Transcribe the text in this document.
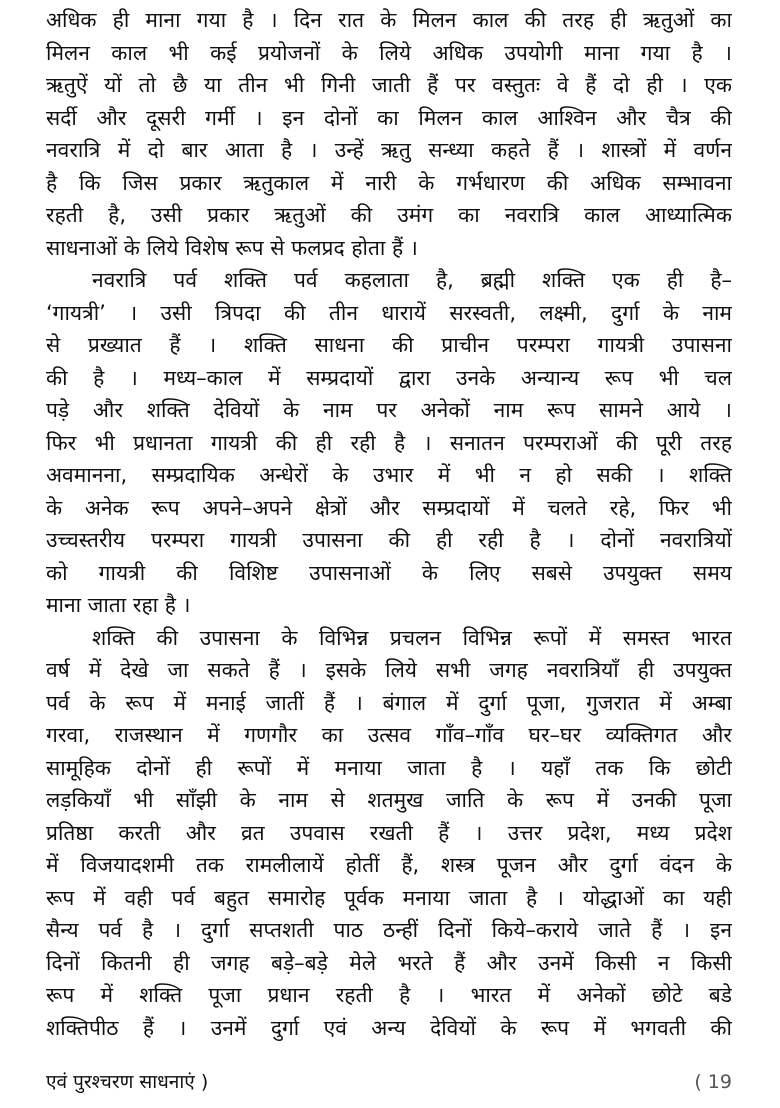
अधिक ही माना गया है । दिन रात के मिलन काल की तरह ही ऋतुओं का
मिलन काल भी कई प्रयोजनों के लिये अधिक उपयोगी माना गया है ।
ऋतुऐं यों तो छै या तीन भी गिनी जाती हैं पर वस्तुतः वे हैं दो ही । एक
सर्दी और दूसरी गर्मी । इन दोनों का मिलन काल आश्विन और चैत्र की
नवरात्रि में दो बार आता है । उन्हें ऋतु सन्ध्या कहते हैं । शास्त्रों में वर्णन
है कि जिस प्रकार ऋतुकाल में नारी के गर्भधारण की अधिक सम्भावना
रहती है, उसी प्रकार ऋतुओं की उमंग का नवरात्रि काल आध्यात्मिक
साधनाओं के लिये विशेष रूप से फलप्रद होता हैं ।
नवरात्रि पर्व शक्ति पर्व कहलाता है, ब्रह्मी शक्ति एक ही है–
‘गायत्री’ । उसी त्रिपदा की तीन धारायें सरस्वती, लक्ष्मी, दुर्गा के नाम
से प्रख्यात हैं । शक्ति साधना की प्राचीन परम्परा गायत्री उपासना
की है । मध्य–काल में सम्प्रदायों द्वारा उनके अन्यान्य रूप भी चल
पड़े और शक्ति देवियों के नाम पर अनेकों नाम रूप सामने आये ।
फिर भी प्रधानता गायत्री की ही रही है । सनातन परम्पराओं की पूरी तरह
अवमानना, सम्प्रदायिक अन्धेरों के उभार में भी न हो सकी । शक्ति
के अनेक रूप अपने–अपने क्षेत्रों और सम्प्रदायों में चलते रहे, फिर भी
उच्चस्तरीय परम्परा गायत्री उपासना की ही रही है । दोनों नवरात्रियों
को गायत्री की विशिष्ट उपासनाओं के लिए सबसे उपयुक्त समय
माना जाता रहा है ।
शक्ति की उपासना के विभिन्न प्रचलन विभिन्न रूपों में समस्त भारत
वर्ष में देखे जा सकते हैं । इसके लिये सभी जगह नवरात्रियाँ ही उपयुक्त
पर्व के रूप में मनाई जातीं हैं । बंगाल में दुर्गा पूजा, गुजरात में अम्बा
गरवा, राजस्थान में गणगौर का उत्सव गाँव–गाँव घर–घर व्यक्तिगत और
सामूहिक दोनों ही रूपों में मनाया जाता है । यहाँ तक कि छोटी
लड़कियाँ भी साँझी के नाम से शतमुख जाति के रूप में उनकी पूजा
प्रतिष्ठा करती और व्रत उपवास रखती हैं । उत्तर प्रदेश, मध्य प्रदेश
में विजयादशमी तक रामलीलायें होतीं हैं, शस्त्र पूजन और दुर्गा वंदन के
रूप में वही पर्व बहुत समारोह पूर्वक मनाया जाता है । योद्धाओं का यही
सैन्य पर्व है । दुर्गा सप्तशती पाठ ठन्हीं दिनों किये–कराये जाते हैं । इन
दिनों कितनी ही जगह बड़े–बड़े मेले भरते हैं और उनमें किसी न किसी
रूप में शक्ति पूजा प्रधान रहती है । भारत में अनेकों छोटे बडे
शक्तिपीठ हैं । उनमें दुर्गा एवं अन्य देवियों के रूप में भगवती की
एवं पुरश्चरण साधनाएं )	( 19
